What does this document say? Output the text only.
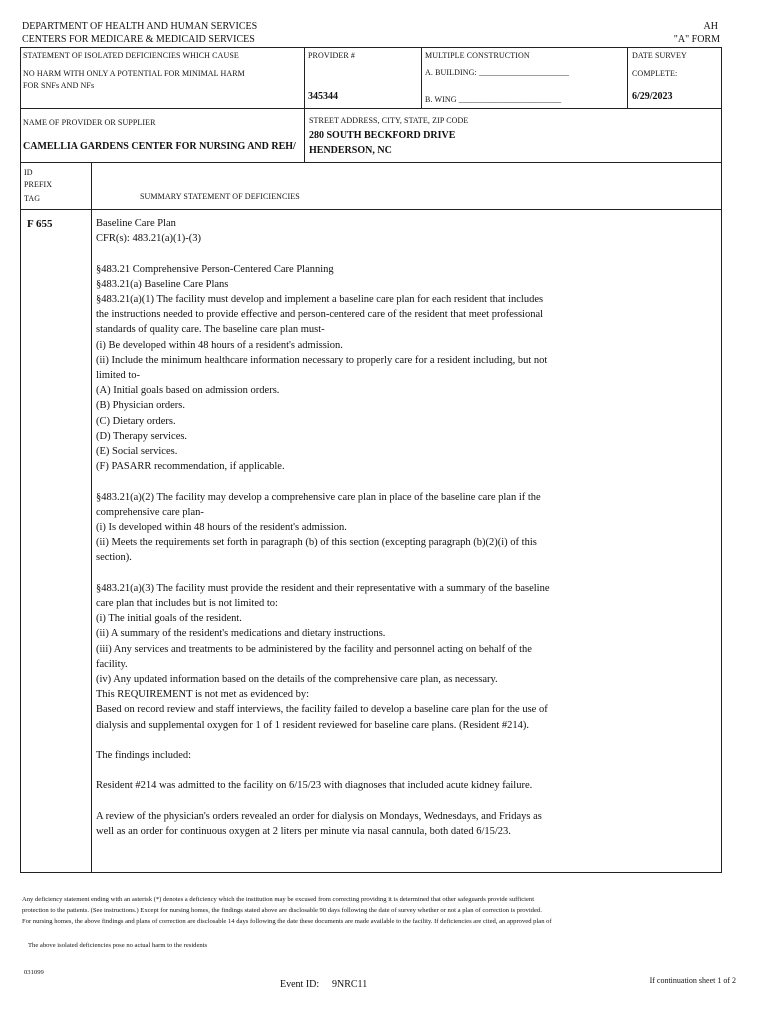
DEPARTMENT OF HEALTH AND HUMAN SERVICES
CENTERS FOR MEDICARE & MEDICAID SERVICES
AH
"A" FORM
STATEMENT OF ISOLATED DEFICIENCIES WHICH CAUSE
NO HARM WITH ONLY A POTENTIAL FOR MINIMAL HARM
FOR SNFs AND NFs
PROVIDER #
345344
MULTIPLE CONSTRUCTION
A. BUILDING: ______________________
B. WING _________________________
DATE SURVEY
COMPLETE:
6/29/2023
NAME OF PROVIDER OR SUPPLIER
CAMELLIA GARDENS CENTER FOR NURSING AND REH/
STREET ADDRESS, CITY, STATE, ZIP CODE
280 SOUTH BECKFORD DRIVE
HENDERSON, NC
ID
PREFIX
TAG	SUMMARY STATEMENT OF DEFICIENCIES
F 655	Baseline Care Plan

CFR(s): 483.21(a)(1)-(3)

§483.21 Comprehensive Person-Centered Care Planning

§483.21(a) Baseline Care Plans

§483.21(a)(1) The facility must develop and implement a baseline care plan for each resident that includes

the instructions needed to provide effective and person-centered care of the resident that meet professional

standards of quality care. The baseline care plan must-

(i) Be developed within 48 hours of a resident's admission.

(ii) Include the minimum healthcare information necessary to properly care for a resident including, but not

limited to-

(A) Initial goals based on admission orders.

(B) Physician orders.

(C) Dietary orders.

(D) Therapy services.

(E) Social services.

(F) PASARR recommendation, if applicable.

§483.21(a)(2) The facility may develop a comprehensive care plan in place of the baseline care plan if the

comprehensive care plan-

(i) Is developed within 48 hours of the resident's admission.

(ii) Meets the requirements set forth in paragraph (b) of this section (excepting paragraph (b)(2)(i) of this

section).

§483.21(a)(3) The facility must provide the resident and their representative with a summary of the baseline

care plan that includes but is not limited to:

(i) The initial goals of the resident.

(ii) A summary of the resident's medications and dietary instructions.

(iii) Any services and treatments to be administered by the facility and personnel acting on behalf of the

facility.

(iv) Any updated information based on the details of the comprehensive care plan, as necessary.

This REQUIREMENT is not met as evidenced by:

Based on record review and staff interviews, the facility failed to develop a baseline care plan for the use of

dialysis and supplemental oxygen for 1 of 1 resident reviewed for baseline care plans. (Resident #214).

The findings included:

Resident #214 was admitted to the facility on 6/15/23 with diagnoses that included acute kidney failure.

A review of the physician's orders revealed an order for dialysis on Mondays, Wednesdays, and Fridays as

well as an order for continuous oxygen at 2 liters per minute via nasal cannula, both dated 6/15/23.

Any deficiency statement ending with an asterisk (*) denotes a deficiency which the institution may be excused from correcting providing it is determined that other safeguards provide sufficient
protection to the patients. (See instructions.) Except for nursing homes, the findings stated above are disclosable 90 days following the date of survey whether or not a plan of correction is provided.
For nursing homes, the above findings and plans of correction are disclosable 14 days following the date these documents are made available to the facility. If deficiencies are cited, an approved plan of
The above isolated deficiencies pose no actual harm to the residents
031099
Event ID: 9NRC11	If continuation sheet 1 of 2
